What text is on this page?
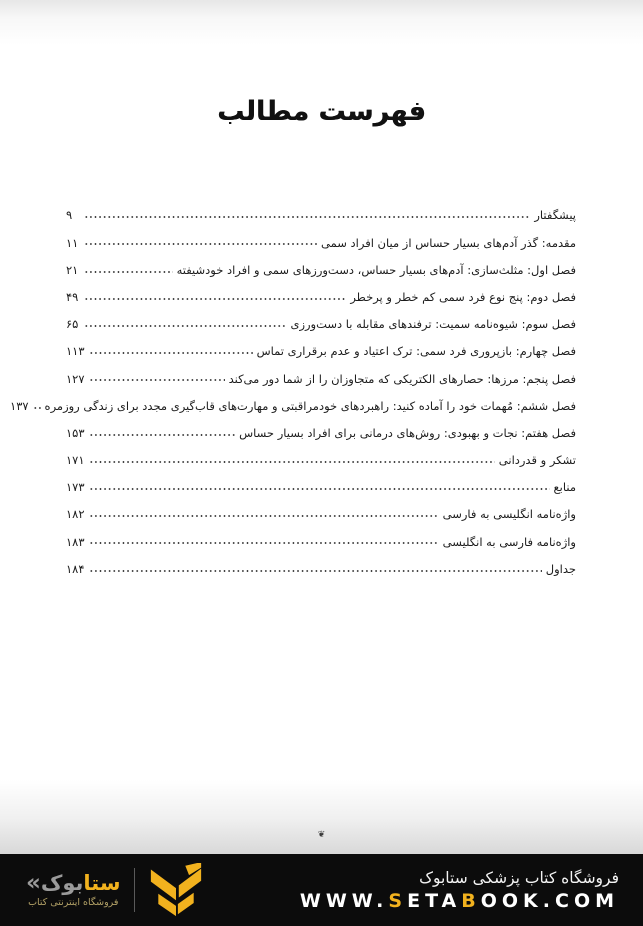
فهرست مطالب
پیشگفتار
۹
مقدمه: گذر آدم‌های بسیار حساس از میان افراد سمی
۱۱
فصل اول: مثلث‌سازی: آدم‌های بسیار حساس، دست‌ورزهای سمی و افراد خودشیفته
۲۱
فصل دوم: پنج نوع فرد سمی کم خطر و پرخطر
۴۹
فصل سوم: شیوه‌نامه سمیت: ترفندهای مقابله با دست‌ورزی
۶۵
فصل چهارم: بازپروری فرد سمی: ترک اعتیاد و عدم برقراری تماس
۱۱۳
فصل پنجم: مرزها: حصارهای الکتریکی که متجاوزان را از شما دور می‌کند
۱۲۷
فصل ششم: مُهمات خود را آماده کنید: راهبردهای خودمراقبتی و مهارت‌های قاب‌گیری مجدد برای زندگی روزمره
۱۳۷
فصل هفتم: نجات و بهبودی: روش‌های درمانی برای افراد بسیار حساس
۱۵۳
تشکر و قدردانی
۱۷۱
منابع
۱۷۳
واژه‌نامه انگلیسی به فارسی
۱۸۲
واژه‌نامه فارسی به انگلیسی
۱۸۳
جداول
۱۸۴
❦
«	ستابوک
فروشگاه اینترنتی کتاب
فروشگاه کتاب پزشکی ستابوک
WWW.SETABOOK.COM
